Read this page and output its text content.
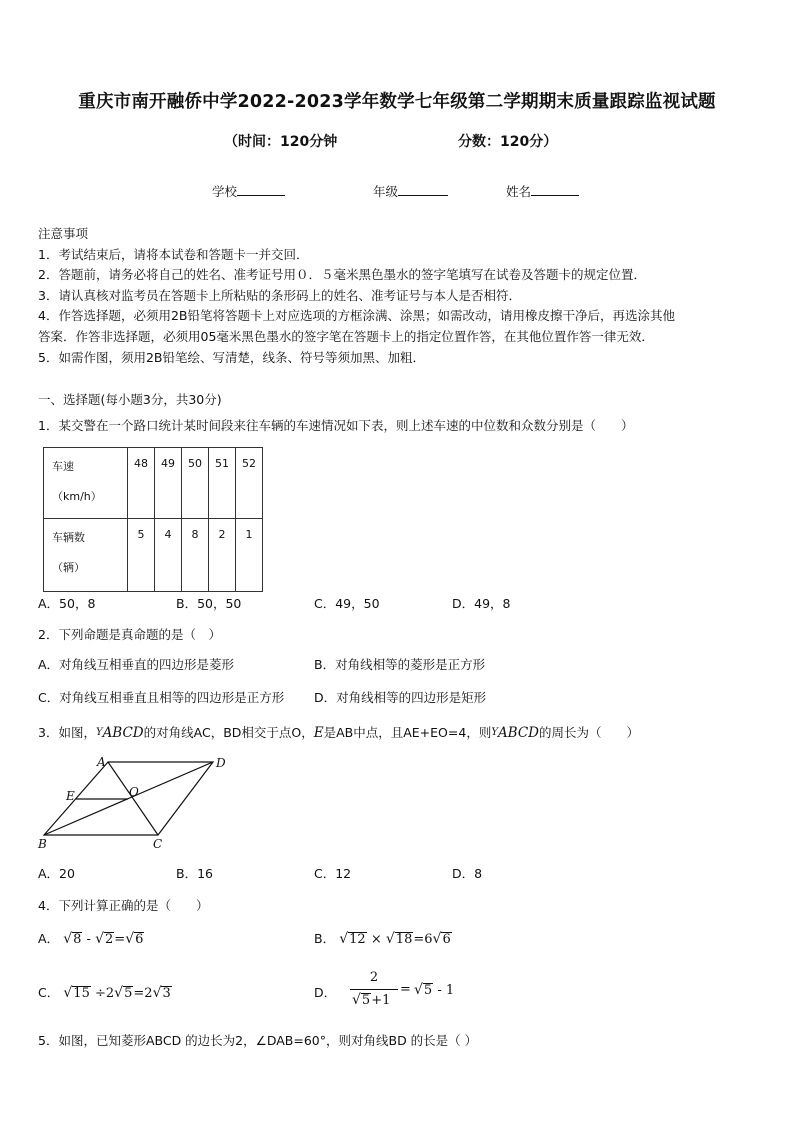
重庆市南开融侨中学2022-2023学年数学七年级第二学期期末质量跟踪监视试题
（时间：120分钟	分数：120分）
学校	年级	姓名
注意事项
1．考试结束后，请将本试卷和答题卡一并交回．
2．答题前，请务必将自己的姓名、准考证号用０．５毫米黑色墨水的签字笔填写在试卷及答题卡的规定位置．
3．请认真核对监考员在答题卡上所粘贴的条形码上的姓名、准考证号与本人是否相符．
4．作答选择题，必须用2B铅笔将答题卡上对应选项的方框涂满、涂黑；如需改动，请用橡皮擦干净后，再选涂其他
答案．作答非选择题，必须用05毫米黑色墨水的签字笔在答题卡上的指定位置作答，在其他位置作答一律无效．
5．如需作图，须用2B铅笔绘、写清楚，线条、符号等须加黑、加粗．
一、选择题(每小题3分，共30分)
1．某交警在一个路口统计某时间段来往车辆的车速情况如下表，则上述车速的中位数和众数分别是（　　）
车速
（km/h）	48	49	50	51	52

车辆数
（辆）	5	4	8	2	1
A．50，8	B．50，50	C．49，50	D．49，8
2．下列命题是真命题的是（　）
A．对角线互相垂直的四边形是菱形	B．对角线相等的菱形是正方形
C．对角线互相垂直且相等的四边形是正方形 D．对角线相等的四边形是矩形
3．如图，YABCD的对角线AC，BD相交于点O，E是AB中点，且AE+EO=4，则YABCD的周长为（　　）
A	D
E	O
B	C
A．20	B．16	C．12	D．8
4．下列计算正确的是（　　）
A． √8 - √2=√6	B． √12 × √18=6√6
C． √15 ÷2√5=2√3	D．
2
√5+1
= √5 - 1
5．如图，已知菱形ABCD 的边长为2，∠DAB=60°，则对角线BD 的长是（ ）
